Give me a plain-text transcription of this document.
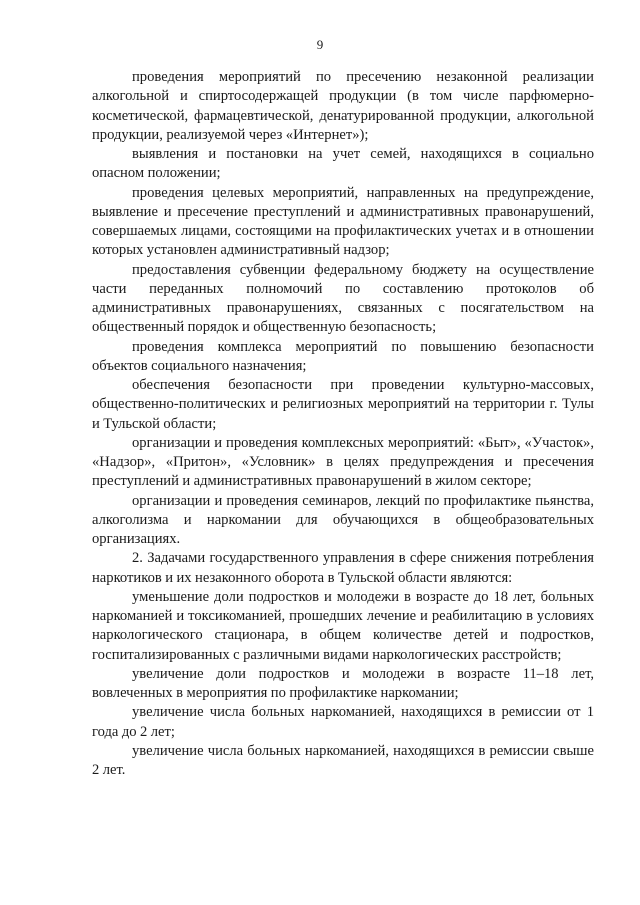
9

проведения мероприятий по пресечению незаконной реализации алкогольной и спиртосодержащей продукции (в том числе парфюмерно-косметической, фармацевтической, денатурированной продукции, алкогольной продукции, реализуемой через «Интернет»);

выявления и постановки на учет семей, находящихся в социально опасном положении;

проведения целевых мероприятий, направленных на предупреждение, выявление и пресечение преступлений и административных правонарушений, совершаемых лицами, состоящими на профилактических учетах и в отношении которых установлен административный надзор;

предоставления субвенции федеральному бюджету на осуществление части переданных полномочий по составлению протоколов об административных правонарушениях, связанных с посягательством на общественный порядок и общественную безопасность;

проведения комплекса мероприятий по повышению безопасности объектов социального назначения;

обеспечения безопасности при проведении культурно-массовых, общественно-политических и религиозных мероприятий на территории г. Тулы и Тульской области;

организации и проведения комплексных мероприятий: «Быт», «Участок», «Надзор», «Притон», «Условник» в целях предупреждения и пресечения преступлений и административных правонарушений в жилом секторе;

организации и проведения семинаров, лекций по профилактике пьянства, алкоголизма и наркомании для обучающихся в общеобразовательных организациях.

2. Задачами государственного управления в сфере снижения потребления наркотиков и их незаконного оборота в Тульской области являются:

уменьшение доли подростков и молодежи в возрасте до 18 лет, больных наркоманией и токсикоманией, прошедших лечение и реабилитацию в условиях наркологического стационара, в общем количестве детей и подростков, госпитализированных с различными видами наркологических расстройств;

увеличение доли подростков и молодежи в возрасте 11–18 лет, вовлеченных в мероприятия по профилактике наркомании;

увеличение числа больных наркоманией, находящихся в ремиссии от 1 года до 2 лет;

увеличение числа больных наркоманией, находящихся в ремиссии свыше 2 лет.
